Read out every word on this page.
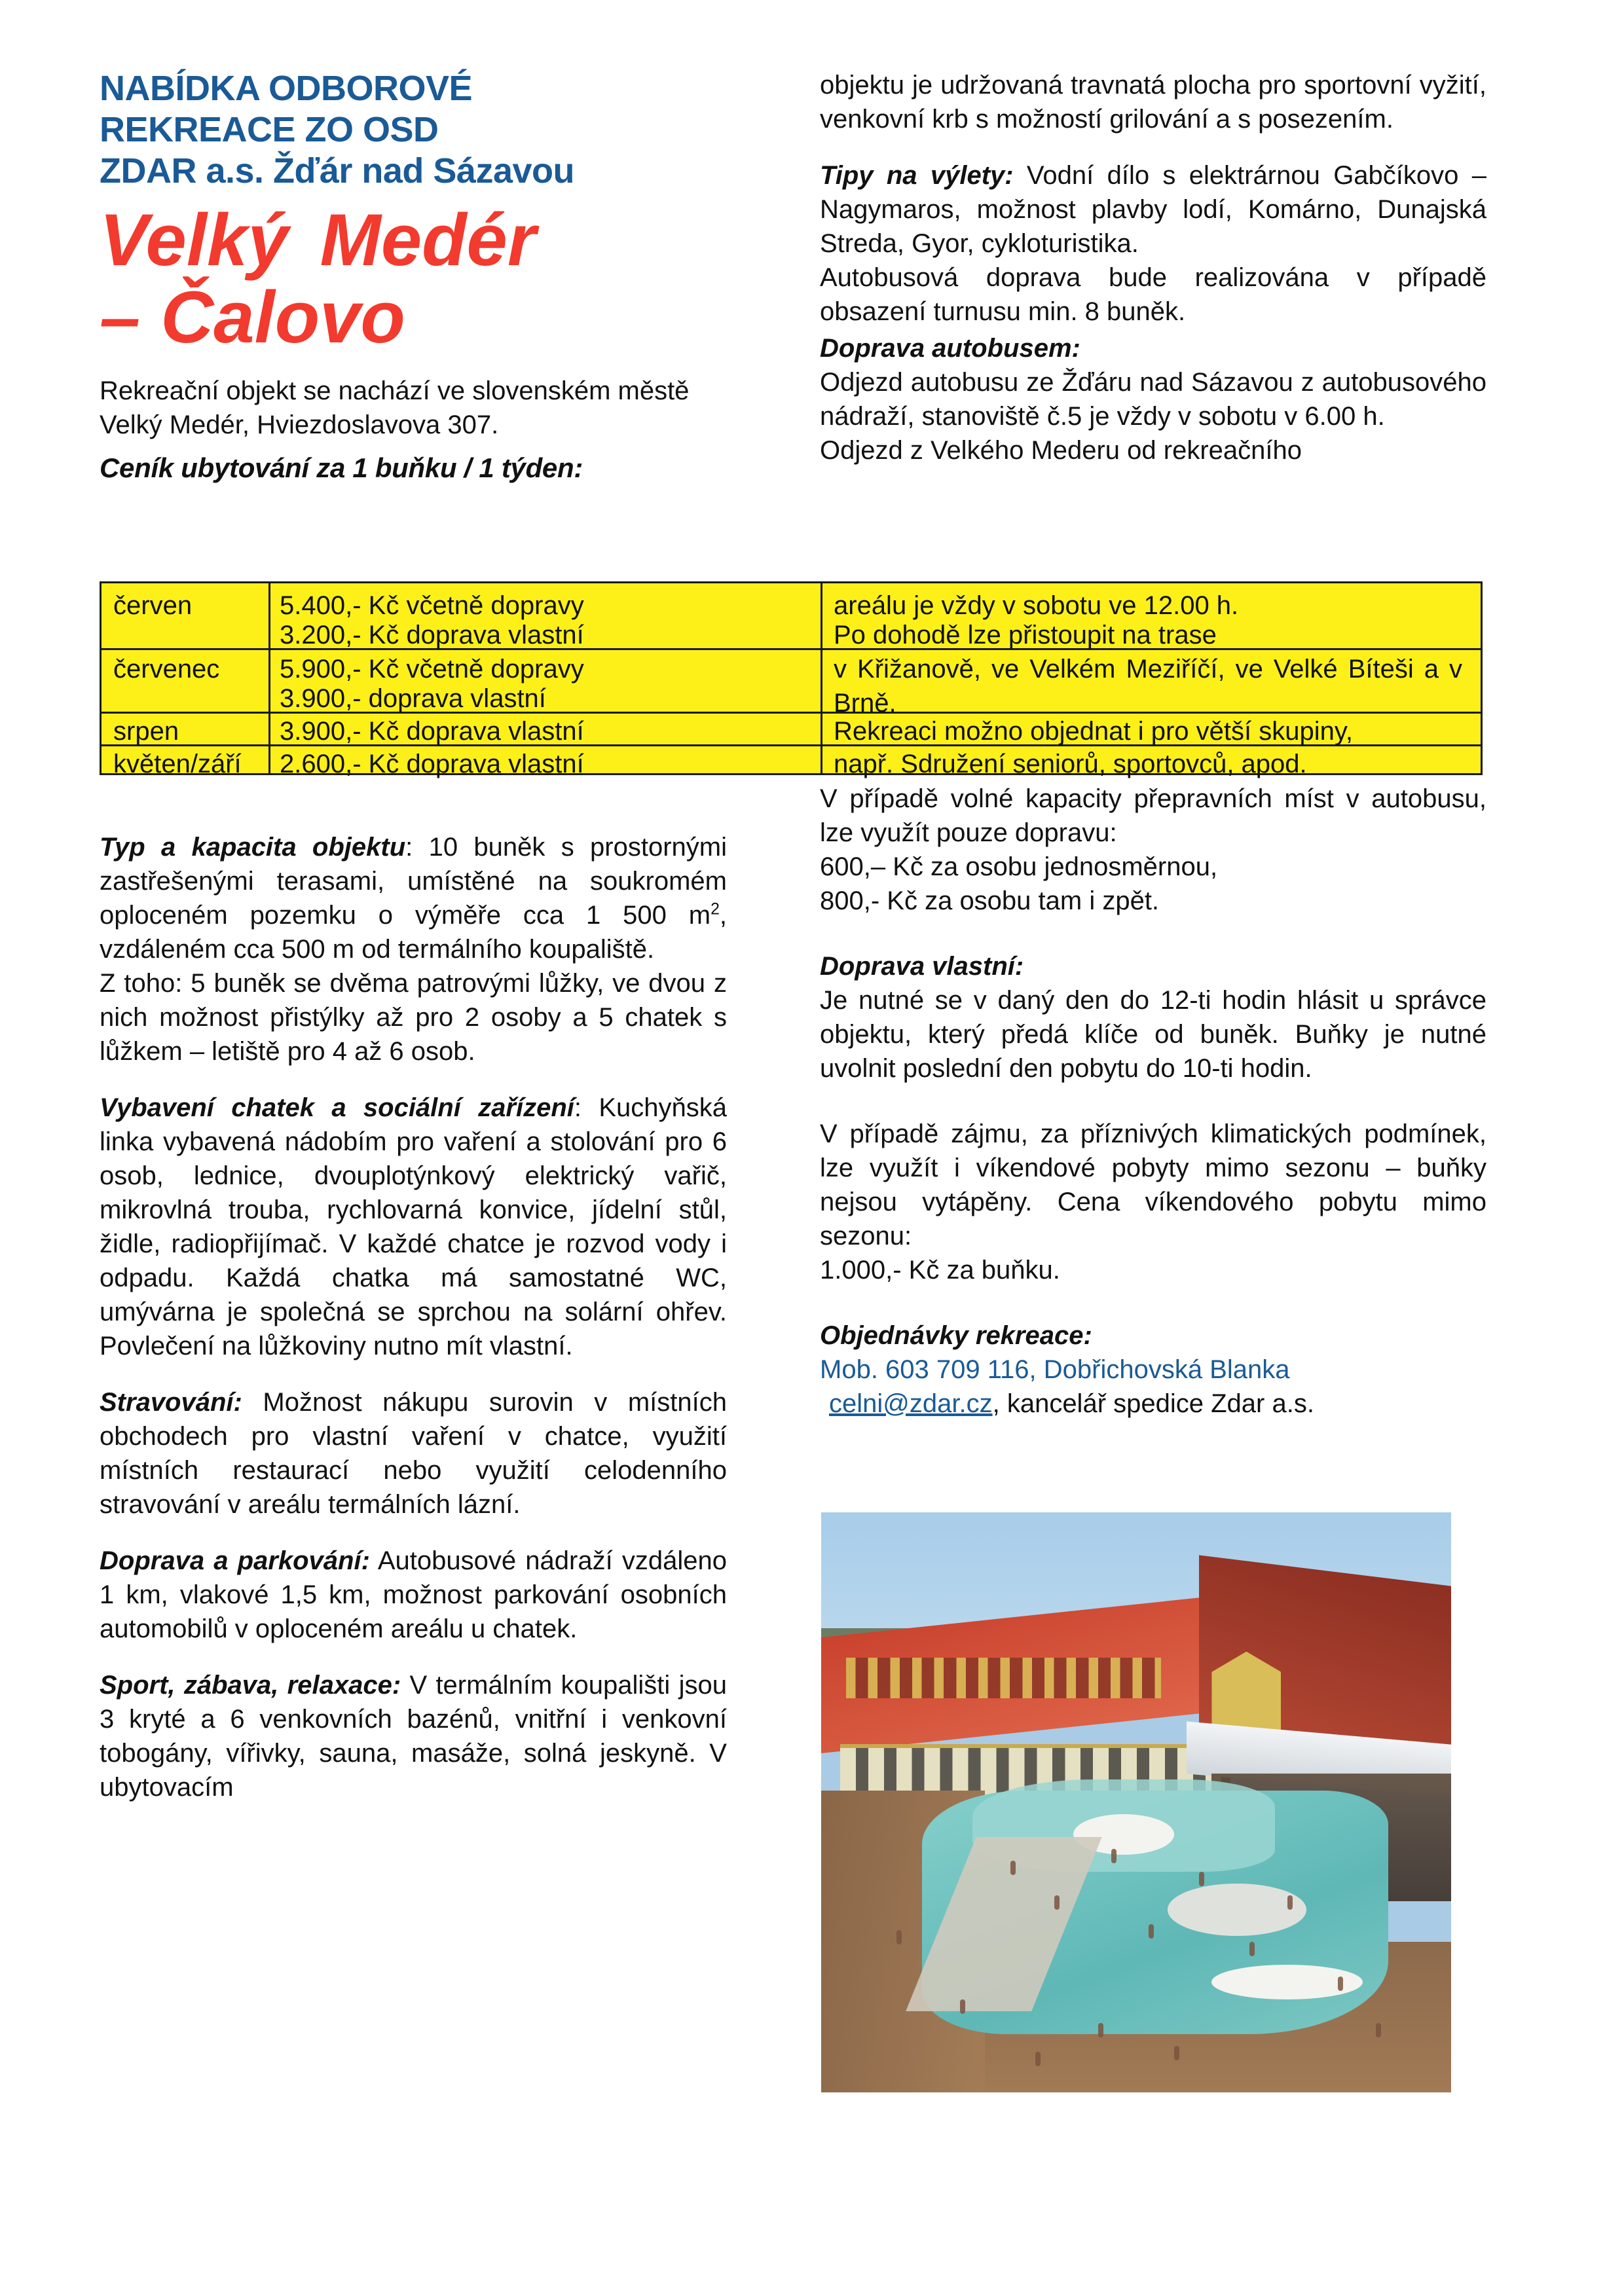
NABÍDKA ODBOROVÉ
REKREACE ZO OSD
ZDAR a.s. Žďár nad Sázavou
Velký Medér
– Čalovo
Rekreační objekt se nachází ve slovenském městě Velký Medér, Hviezdoslavova 307.
Ceník ubytování za 1 buňku / 1 týden:

Typ a kapacita objektu: 10 buněk s prostornými zastřešenými terasami, umístěné na soukromém oploceném pozemku o výměře cca 1 500 $m^2$, vzdáleném cca 500 m od termálního koupaliště.

Z toho: 5 buněk se dvěma patrovými lůžky, ve dvou z nich možnost přistýlky až pro 2 osoby a 5 chatek s lůžkem – letiště pro 4 až 6 osob.

Vybavení chatek a sociální zařízení: Kuchyňská linka vybavená nádobím pro vaření a stolování pro 6 osob, lednice, dvouplotýnkový elektrický vařič, mikrovlná trouba, rychlovarná konvice, jídelní stůl, židle, radiopřijímač. V každé chatce je rozvod vody i odpadu. Každá chatka má samostatné WC, umývárna je společná se sprchou na solární ohřev. Povlečení na lůžkoviny nutno mít vlastní.

Stravování: Možnost nákupu surovin v místních obchodech pro vlastní vaření v chatce, využití místních restaurací nebo využití celodenního stravování v areálu termálních lázní.

Doprava a parkování: Autobusové nádraží vzdáleno 1 km, vlakové 1,5 km, možnost parkování osobních automobilů v oploceném areálu u chatek.

Sport, zábava, relaxace: V termálním koupališti jsou 3 kryté a 6 venkovních bazénů, vnitřní i venkovní tobogány, vířivky, sauna, masáže, solná jeskyně. V ubytovacím

objektu je udržovaná travnatá plocha pro sportovní vyžití, venkovní krb s možností grilování a s posezením.

Tipy na výlety: Vodní dílo s elektrárnou Gabčíkovo – Nagymaros, možnost plavby lodí, Komárno, Dunajská Streda, Gyor, cykloturistika.

Autobusová doprava bude realizována v případě obsazení turnusu min. 8 buněk.

Doprava autobusem:

Odjezd autobusu ze Žďáru nad Sázavou z autobusového nádraží, stanoviště č.5 je vždy v sobotu v 6.00 h.

Odjezd z Velkého Mederu od rekreačního

červen	5.400,- Kč včetně dopravy
3.200,- Kč doprava vlastní
červenec 5.900,- Kč včetně dopravy
3.900,- doprava vlastní
srpen	3.900,- Kč doprava vlastní
květen/září 2.600,- Kč doprava vlastní
areálu je vždy v sobotu ve 12.00 h.
Po dohodě lze přistoupit na trase
v Křižanově, ve Velkém Meziříčí, ve Velké Bíteši a v Brně.
Rekreaci možno objednat i pro větší skupiny,
např. Sdružení seniorů, sportovců, apod.

V případě volné kapacity přepravních míst v autobusu, lze využít pouze dopravu:

600,– Kč za osobu jednosměrnou,

800,- Kč za osobu tam i zpět.

Doprava vlastní:

Je nutné se v daný den do 12-ti hodin hlásit u správce objektu, který předá klíče od buněk. Buňky je nutné uvolnit poslední den pobytu do 10-ti hodin.

V případě zájmu, za příznivých klimatických podmínek, lze využít i víkendové pobyty mimo sezonu – buňky nejsou vytápěny. Cena víkendového pobytu mimo sezonu:

1.000,- Kč za buňku.

Objednávky rekreace:

Mob. 603 709 116, Dobřichovská Blanka

celni@zdar.cz, kancelář spedice Zdar a.s.
